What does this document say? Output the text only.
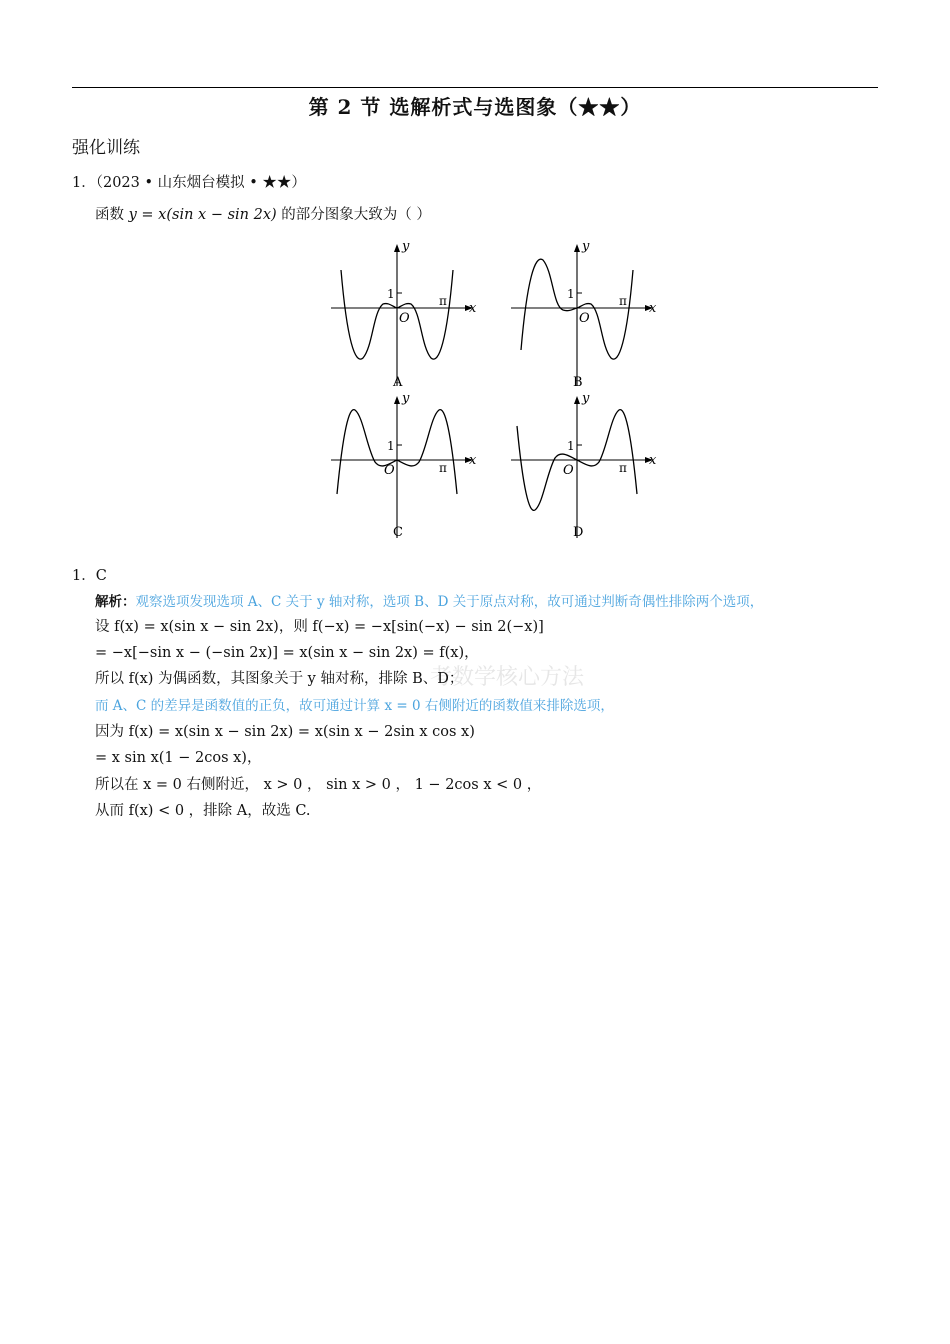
第 2 节 选解析式与选图象（★★）
强化训练
1．（2023 • 山东烟台模拟 • ★★）
函数 y = x(sin x − sin 2x) 的部分图象大致为（ ）
y
x
O
1	π
A
y
x
O
1	π
B
y
x
O
1
π
C
y
x
O
1
π
D
考数学核心方法
1．C
解析：观察选项发现选项 A、C 关于 y 轴对称，选项 B、D 关于原点对称，故可通过判断奇偶性排除两个选项，
设 f(x) = x(sin x − sin 2x)，则 f(−x) = −x[sin(−x) − sin 2(−x)]
= −x[−sin x − (−sin 2x)] = x(sin x − sin 2x) = f(x)，
所以 f(x) 为偶函数，其图象关于 y 轴对称，排除 B、D；
而 A、C 的差异是函数值的正负，故可通过计算 x = 0 右侧附近的函数值来排除选项，
因为 f(x) = x(sin x − sin 2x) = x(sin x − 2sin x cos x)
= x sin x(1 − 2cos x)，
所以在 x = 0 右侧附近， x > 0 ， sin x > 0 ， 1 − 2cos x < 0 ，
从而 f(x) < 0 ，排除 A，故选 C.
